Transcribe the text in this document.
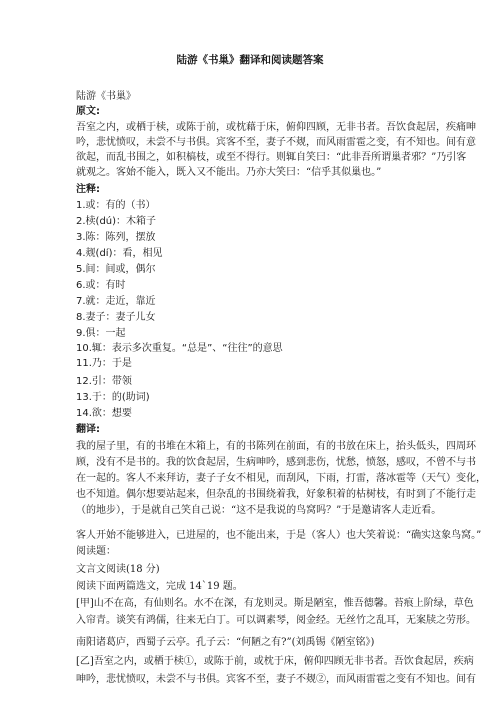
陆游《书巢》翻译和阅读题答案
陆游《书巢》
原文:
吾室之内，或栖于椟，或陈于前，或枕藉于床，俯仰四顾，无非书者。吾饮食起居，疾痛呻
吟，悲忧愤叹，未尝不与书俱。宾客不至，妻子不觌，而风雨雷雹之变，有不知也。间有意
欲起，而乱书围之，如积槁枝，或至不得行。则辄自笑曰：“此非吾所谓巢者邪？”乃引客
就观之。客始不能入，既入又不能出。乃亦大笑曰：“信乎其似巢也。”
注释:
1.或：有的（书）
2.椟(dú)：木箱子
3.陈：陈列，摆放
4.觌(dí)：看，相见
5.间：间或，偶尔
6.或：有时
7.就：走近，靠近
8.妻子：妻子儿女
9.俱：一起
10.辄：表示多次重复。“总是”、“往往”的意思
11.乃：于是
12.引：带领
13.于：的(助词)
14.欲：想要
翻译:
我的屋子里，有的书堆在木箱上，有的书陈列在前面，有的书放在床上，抬头低头，四周环
顾，没有不是书的。我的饮食起居，生病呻吟，感到悲伤，忧愁，愤怒，感叹，不曾不与书
在一起的。客人不来拜访，妻子子女不相见，而刮风，下雨，打雷，落冰雹等（天气）变化，
也不知道。偶尔想要站起来，但杂乱的书围绕着我，好象积着的枯树枝，有时到了不能行走
（的地步），于是就自己笑自己说：“这不是我说的鸟窝吗？”于是邀请客人走近看。
客人开始不能够进入，已进屋的，也不能出来，于是（客人）也大笑着说：“确实这象鸟窝。”
阅读题：
文言文阅读(18 分)
阅读下面两篇选文，完成 14`19 题。
[甲]山不在高，有仙则名。水不在深，有龙则灵。斯是陋室，惟吾德馨。苔痕上阶绿，草色
入帘青。谈笑有鸿儒，往来无白丁。可以调素琴，阅金经。无丝竹之乱耳，无案牍之劳形。
南阳诸葛庐，西蜀子云亭。孔子云：“何陋之有?”(刘禹锡《陋室铭》)
[乙]吾室之内，或栖于椟①，或陈于前，或枕于床，俯仰四顾无非书者。吾饮食起居，疾病
呻吟，悲忧愤叹，未尝不与书俱。宾客不至，妻子不觌②，而风雨雷雹之变有不知也。间有
